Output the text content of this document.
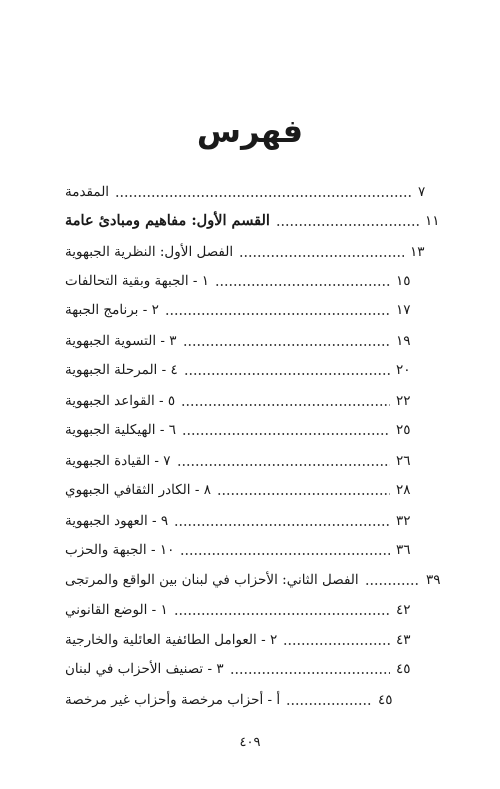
فهرس
المقدمة	٧
القسم الأول: مفاهيم ومبادئ عامة	١١
الفصل الأول: النظرية الجبهوية	١٣
١ - الجبهة وبقية التحالفات	١٥
٢ - برنامج الجبهة	١٧
٣ - التسوية الجبهوية	١٩
٤ - المرحلة الجبهوية	٢٠
٥ - القواعد الجبهوية	٢٢
٦ - الهيكلية الجبهوية	٢٥
٧ - القيادة الجبهوية	٢٦
٨ - الكادر الثقافي الجبهوي	٢٨
٩ - العهود الجبهوية	٣٢
١٠ - الجبهة والحزب	٣٦
الفصل الثاني: الأحزاب في لبنان بين الواقع والمرتجى	٣٩
١ - الوضع القانوني	٤٢
٢ - العوامل الطائفية العائلية والخارجية	٤٣
٣ - تصنيف الأحزاب في لبنان	٤٥
أ - أحزاب مرخصة وأحزاب غير مرخصة	٤٥
٤٠٩
